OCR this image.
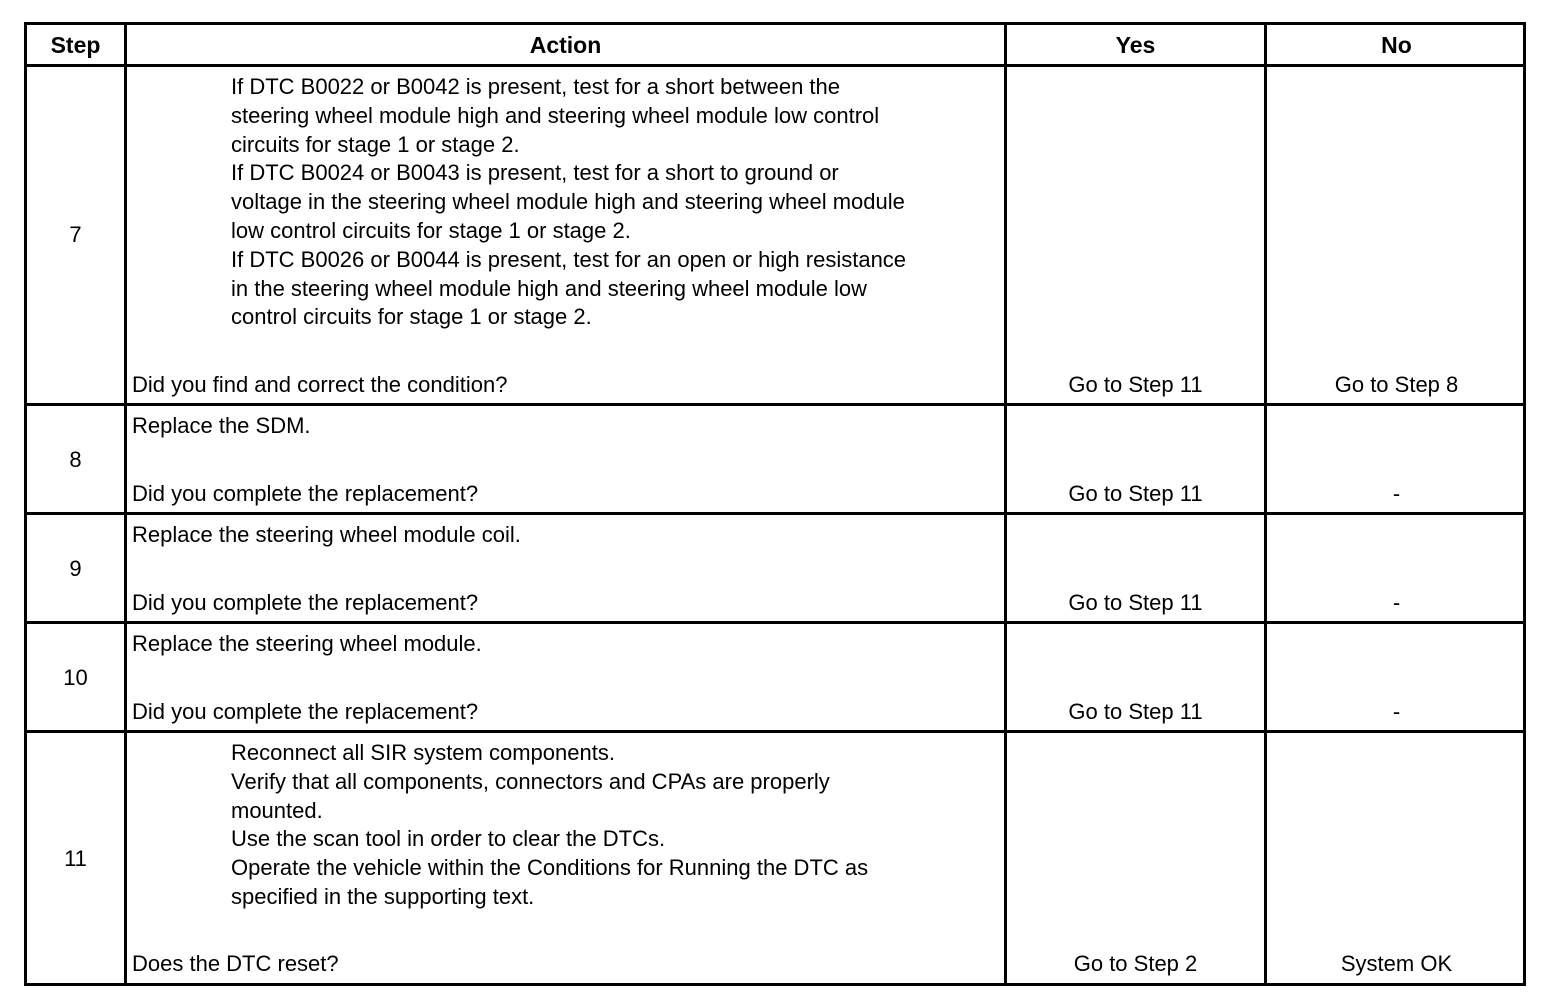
Step	Action	Yes	No
7
If DTC B0022 or B0042 is present, test for a short between the
steering wheel module high and steering wheel module low control
circuits for stage 1 or stage 2.
If DTC B0024 or B0043 is present, test for a short to ground or
voltage in the steering wheel module high and steering wheel module
low control circuits for stage 1 or stage 2.
If DTC B0026 or B0044 is present, test for an open or high resistance
in the steering wheel module high and steering wheel module low
control circuits for stage 1 or stage 2.
Did you find and correct the condition?	Go to Step 11	Go to Step 8
8
Replace the SDM.
Did you complete the replacement?	Go to Step 11	-
9
Replace the steering wheel module coil.
Did you complete the replacement?	Go to Step 11	-
10
Replace the steering wheel module.
Did you complete the replacement?	Go to Step 11	-
11
Reconnect all SIR system components.
Verify that all components, connectors and CPAs are properly
mounted.
Use the scan tool in order to clear the DTCs.
Operate the vehicle within the Conditions for Running the DTC as
specified in the supporting text.
Does the DTC reset?	Go to Step 2	System OK
